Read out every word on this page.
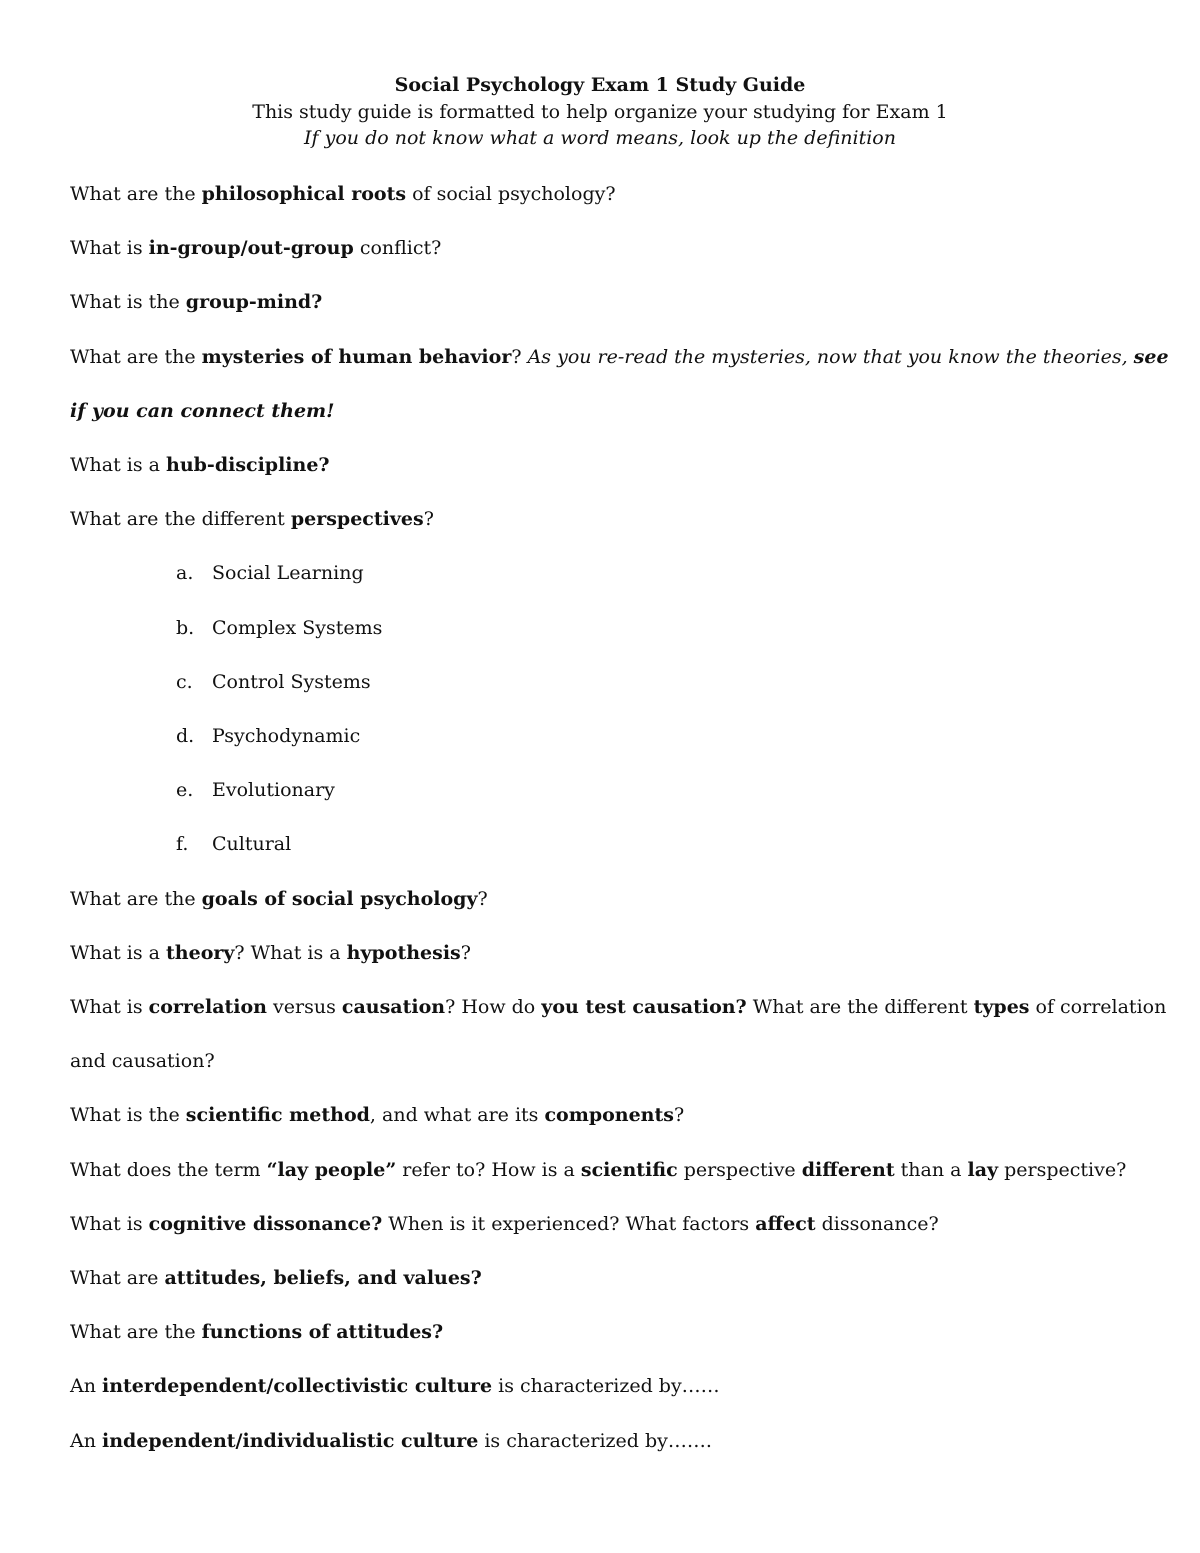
Social Psychology Exam 1 Study Guide
This study guide is formatted to help organize your studying for Exam 1
If you do not know what a word means, look up the definition
What are the philosophical roots of social psychology?
What is in-group/out-group conflict?
What is the group-mind?
What are the mysteries of human behavior? As you re-read the mysteries, now that you know the theories, see
if you can connect them!
What is a hub-discipline?
What are the different perspectives?
a. Social Learning
b. Complex Systems
c. Control Systems
d. Psychodynamic
e. Evolutionary
f. Cultural
What are the goals of social psychology?
What is a theory? What is a hypothesis?
What is correlation versus causation? How do you test causation? What are the different types of correlation
and causation?
What is the scientific method, and what are its components?
What does the term “lay people” refer to? How is a scientific perspective different than a lay perspective?
What is cognitive dissonance? When is it experienced? What factors affect dissonance?
What are attitudes, beliefs, and values?
What are the functions of attitudes?
An interdependent/collectivistic culture is characterized by……
An independent/individualistic culture is characterized by…….
